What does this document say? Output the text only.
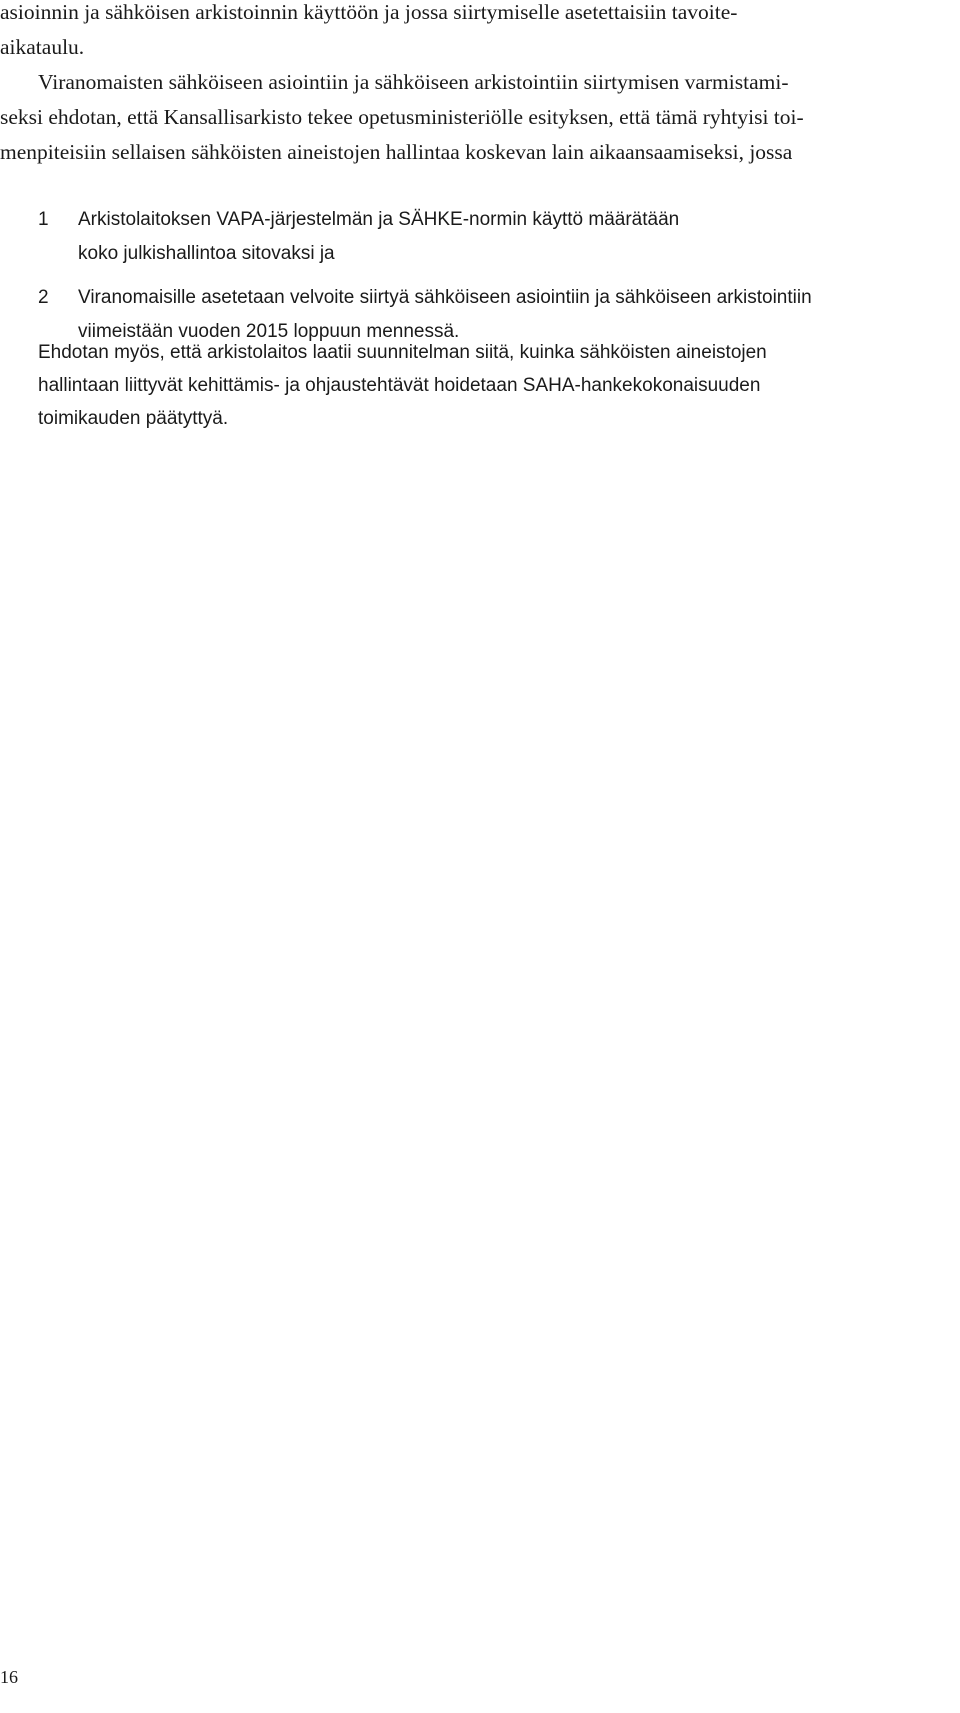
asioinnin ja sähköisen arkistoinnin käyttöön ja jossa siirtymiselle asetettaisiin tavoite-
aikataulu.
Viranomaisten sähköiseen asiointiin ja sähköiseen arkistointiin siirtymisen varmistami-
seksi ehdotan, että Kansallisarkisto tekee opetusministeriölle esityksen, että tämä ryhtyisi toi-
menpiteisiin sellaisen sähköisten aineistojen hallintaa koskevan lain aikaansaamiseksi, jossa
1 Arkistolaitoksen VAPA-järjestelmän ja SÄHKE-normin käyttö määrätään
koko julkishallintoa sitovaksi ja
2 Viranomaisille asetetaan velvoite siirtyä sähköiseen asiointiin ja sähköiseen arkistointiin
viimeistään vuoden 2015 loppuun mennessä.
Ehdotan myös, että arkistolaitos laatii suunnitelman siitä, kuinka sähköisten aineistojen
hallintaan liittyvät kehittämis- ja ohjaustehtävät hoidetaan SAHA-hankekokonaisuuden
toimikauden päätyttyä.
16
